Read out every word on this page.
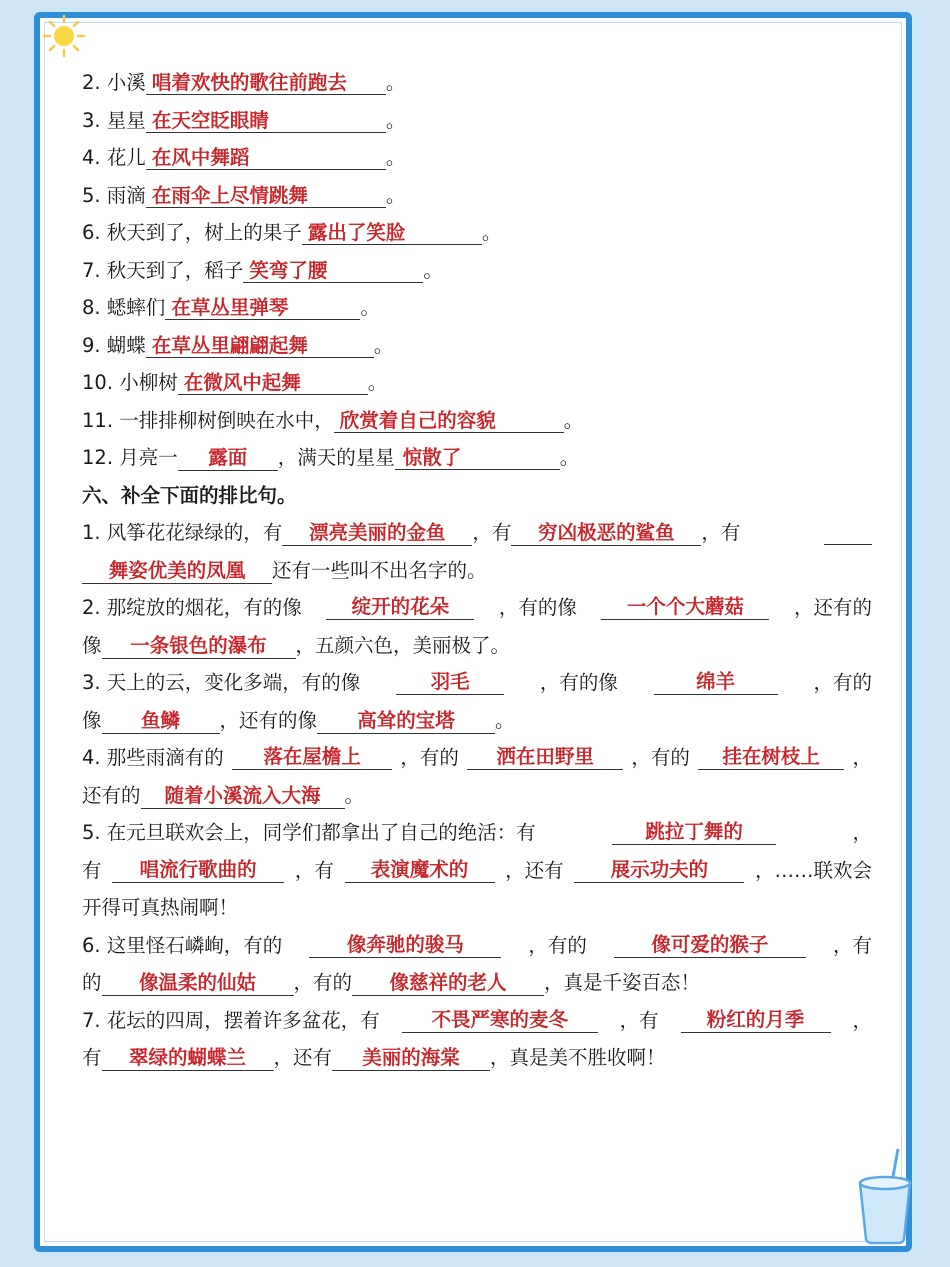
2. 小溪 唱着欢快的歌往前跑去 。
3. 星星 在天空眨眼睛	。
4. 花儿 在风中舞蹈	。
5. 雨滴 在雨伞上尽情跳舞	。
6. 秋天到了，树上的果子 露出了笑脸	。
7. 秋天到了，稻子 笑弯了腰	。
8. 蟋蟀们 在草丛里弹琴	。
9. 蝴蝶 在草丛里翩翩起舞	。
10. 小柳树 在微风中起舞	。
11. 一排排柳树倒映在水中， 欣赏着自己的容貌	。
12. 月亮一 露面 ，满天的星星 惊散了	。
六、补全下面的排比句。
1. 风筝花花绿绿的，有 漂亮美丽的金鱼 ，有 穷凶极恶的鲨鱼 ，有
舞姿优美的凤凰 还有一些叫不出名字的。
2. 那绽放的烟花，有的像	绽开的花朵	，有的像	一个个大蘑菇	，还有的
像 一条银色的瀑布 ，五颜六色，美丽极了。
3. 天上的云，变化多端，有的像	羽毛	，有的像	绵羊	，有的
像 鱼鳞 ，还有的像 高耸的宝塔 。
4. 那些雨滴有的	落在屋檐上	，有的	洒在田野里	，有的	挂在树枝上	，
还有的 随着小溪流入大海 。
5. 在元旦联欢会上，同学们都拿出了自己的绝活：有	跳拉丁舞的	，
有	唱流行歌曲的	，有	表演魔术的	，还有	展示功夫的	，……联欢会
开得可真热闹啊！
6. 这里怪石嶙峋，有的	像奔驰的骏马	，有的	像可爱的猴子	，有
的 像温柔的仙姑 ，有的 像慈祥的老人 ，真是千姿百态！
7. 花坛的四周，摆着许多盆花，有	不畏严寒的麦冬	，有	粉红的月季	，
有 翠绿的蝴蝶兰 ，还有 美丽的海棠 ，真是美不胜收啊！
